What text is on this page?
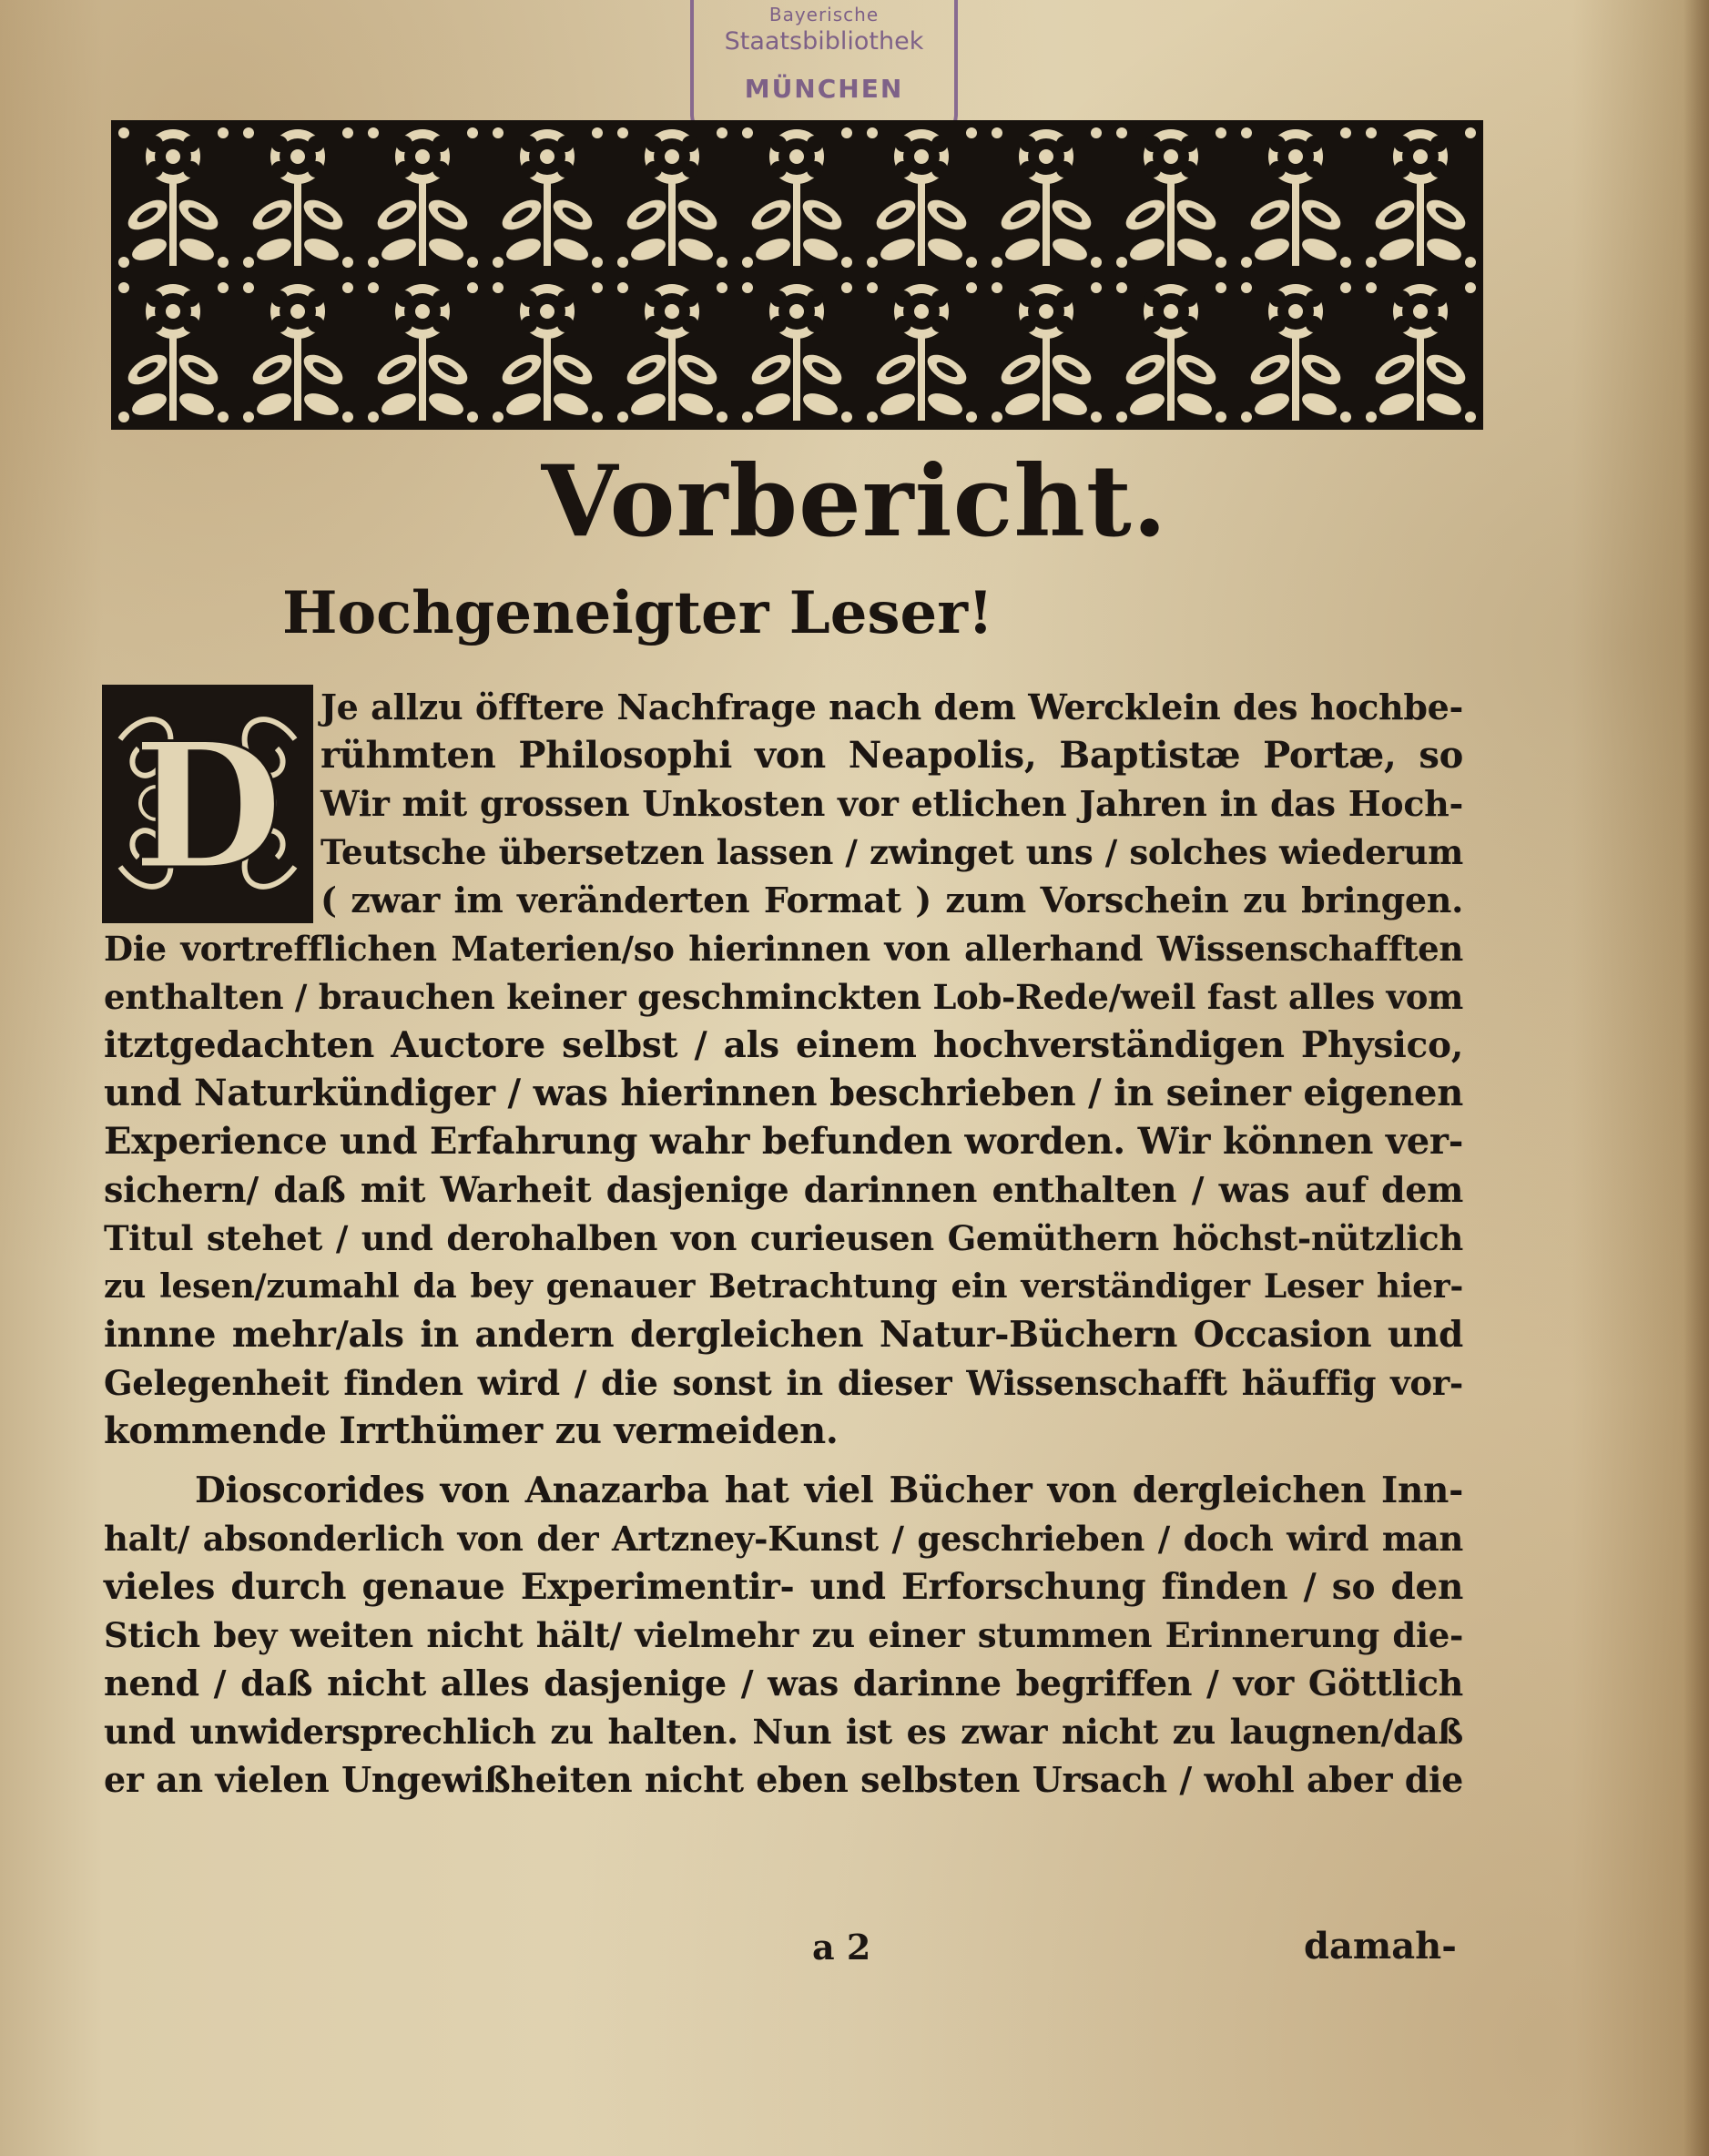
Bayerische
Staatsbibliothek
MÜNCHEN
Vorbericht.
Hochgeneigter Leser!
D Je allzu öfftere Nachfrage nach dem Wercklein des hochbe-
rühmten Philosophi von Neapolis, Baptistæ Portæ, so
Wir mit grossen Unkosten vor etlichen Jahren in das Hoch-
Teutsche übersetzen lassen / zwinget uns / solches wiederum
( zwar im veränderten Format ) zum Vorschein zu bringen.
Die vortrefflichen Materien/so hierinnen von allerhand Wissenschafften
enthalten / brauchen keiner geschminckten Lob-Rede/weil fast alles vom
itztgedachten Auctore selbst / als einem hochverständigen Physico,
und Naturkündiger / was hierinnen beschrieben / in seiner eigenen
Experience und Erfahrung wahr befunden worden. Wir können ver-
sichern/ daß mit Warheit dasjenige darinnen enthalten / was auf dem
Titul stehet / und derohalben von curieusen Gemüthern höchst-nützlich
zu lesen/zumahl da bey genauer Betrachtung ein verständiger Leser hier-
innne mehr/als in andern dergleichen Natur-Büchern Occasion und
Gelegenheit finden wird / die sonst in dieser Wissenschafft häuffig vor-
kommende Irrthümer zu vermeiden.
Dioscorides von Anazarba hat viel Bücher von dergleichen Inn-
halt/ absonderlich von der Artzney-Kunst / geschrieben / doch wird man
vieles durch genaue Experimentir- und Erforschung finden / so den
Stich bey weiten nicht hält/ vielmehr zu einer stummen Erinnerung die-
nend / daß nicht alles dasjenige / was darinne begriffen / vor Göttlich
und unwidersprechlich zu halten. Nun ist es zwar nicht zu laugnen/daß
er an vielen Ungewißheiten nicht eben selbsten Ursach / wohl aber die
a 2	damah-
